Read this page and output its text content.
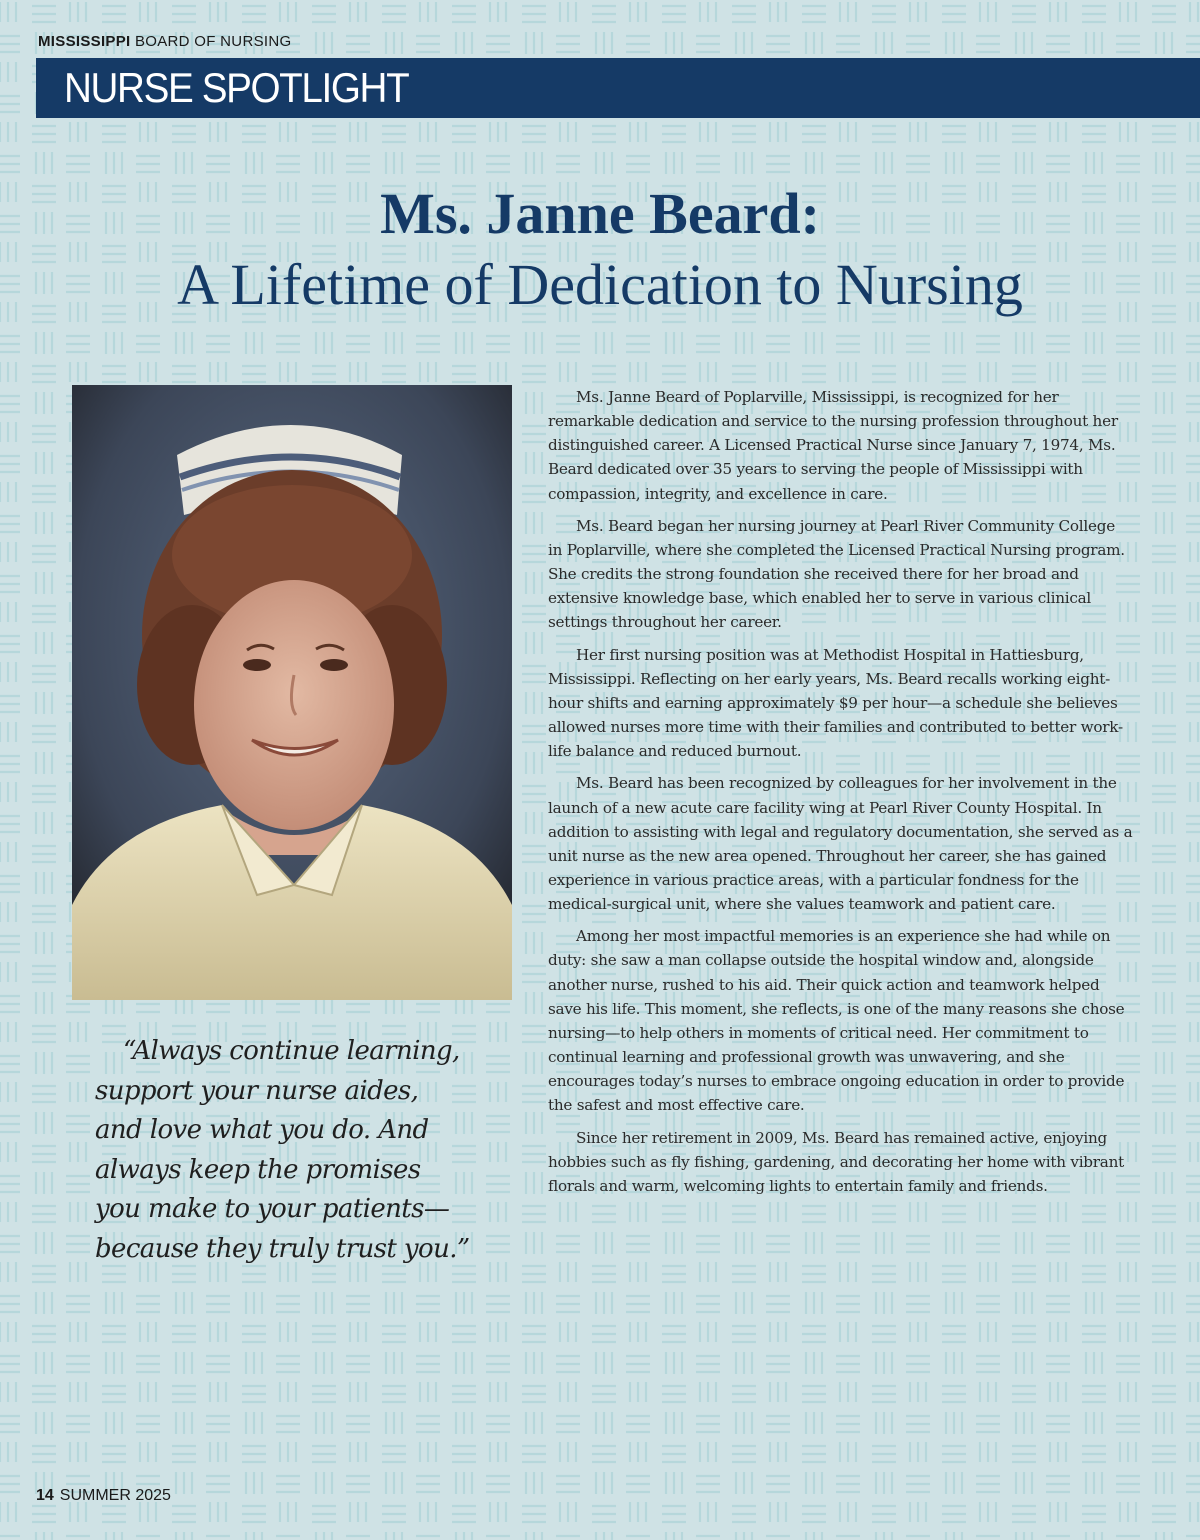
MISSISSIPPI BOARD OF NURSING
NURSE SPOTLIGHT
Ms. Janne Beard:
A Lifetime of Dedication to Nursing
“Always continue learning,
support your nurse aides,
and love what you do. And
always keep the promises
you make to your patients—
because they truly trust you.”

Ms. Janne Beard of Poplarville, Mississippi, is recognized for her remarkable dedication and service to the nursing profession throughout her distinguished career. A Licensed Practical Nurse since January 7, 1974, Ms. Beard dedicated over 35 years to serving the people of Mississippi with compassion, integrity, and excellence in care.

Ms. Beard began her nursing journey at Pearl River Community College in Poplarville, where she completed the Licensed Practical Nursing program. She credits the strong foundation she received there for her broad and extensive knowledge base, which enabled her to serve in various clinical settings throughout her career.

Her first nursing position was at Methodist Hospital in Hattiesburg, Mississippi. Reflecting on her early years, Ms. Beard recalls working eight-hour shifts and earning approximately $9 per hour—a schedule she believes allowed nurses more time with their families and contributed to better work-life balance and reduced burnout.

Ms. Beard has been recognized by colleagues for her involvement in the launch of a new acute care facility wing at Pearl River County Hospital. In addition to assisting with legal and regulatory documentation, she served as a unit nurse as the new area opened. Throughout her career, she has gained experience in various practice areas, with a particular fondness for the medical-surgical unit, where she values teamwork and patient care.

Among her most impactful memories is an experience she had while on duty: she saw a man collapse outside the hospital window and, alongside another nurse, rushed to his aid. Their quick action and teamwork helped save his life. This moment, she reflects, is one of the many reasons she chose nursing—to help others in moments of critical need. Her commitment to continual learning and professional growth was unwavering, and she encourages today’s nurses to embrace ongoing education in order to provide the safest and most effective care.

Since her retirement in 2009, Ms. Beard has remained active, enjoying hobbies such as fly fishing, gardening, and decorating her home with vibrant florals and warm, welcoming lights to entertain family and friends.

14 SUMMER 2025
